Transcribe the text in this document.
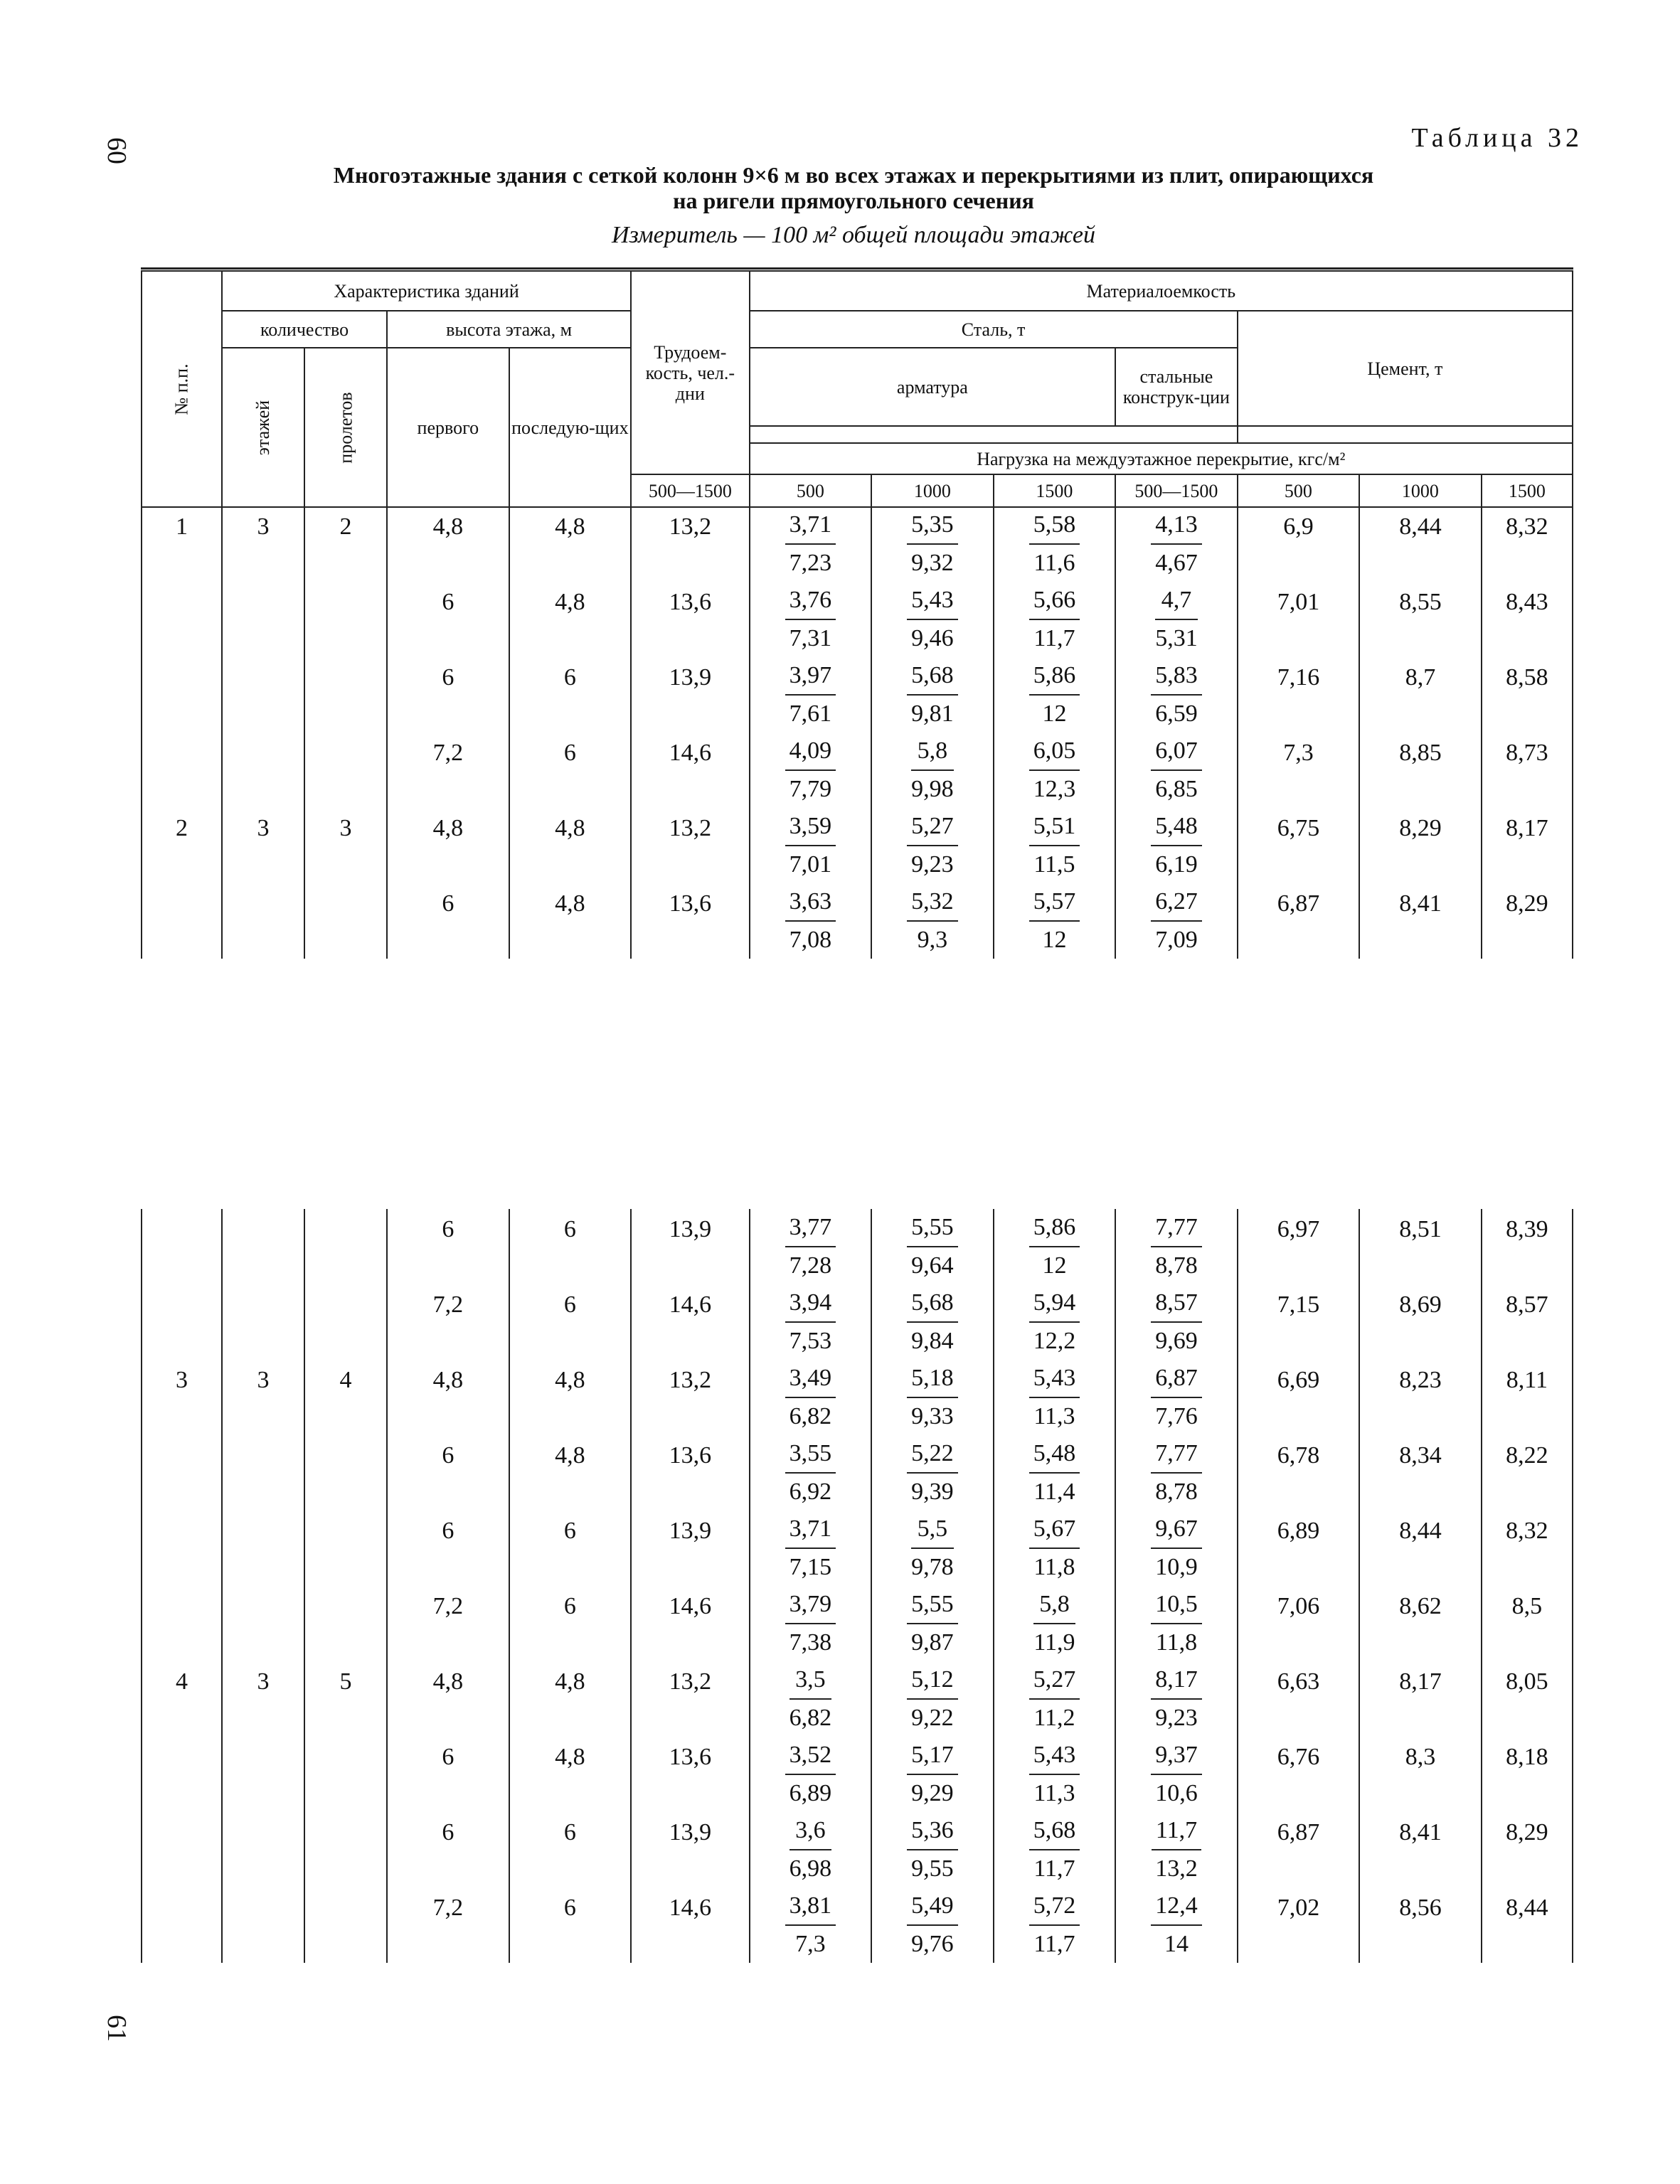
60
61
Таблица 32
Многоэтажные здания с сеткой колонн 9×6 м во всех этажах и перекрытиями из плит, опирающихся
на ригели прямоугольного сечения
Измеритель — 100 м² общей площади этажей
№ п.п.	Характеристика зданий				Трудоем-кость, чел.-дни	Материалоемкость						
	количество		высота этажа, м			Сталь, т				Цемент, т		
	этажей	пролетов	первого	последую-щих		арматура			стальные конструк-ции			

						Нагрузка на междуэтажное перекрытие, кгс/м²						
					500—1500	500	1000	1500	500—1500	500	1000	1500
1	3	2	4,8	4,8	13,2	$\frac{3,71}{7,23}$	$\frac{5,35}{9,32}$	$\frac{5,58}{11,6}$	$\frac{4,13}{4,67}$	6,9	8,44	8,32

			6	4,8	13,6	$\frac{3,76}{7,31}$	$\frac{5,43}{9,46}$	$\frac{5,66}{11,7}$	$\frac{4,7}{5,31}$	7,01	8,55	8,43

			6	6	13,9	$\frac{3,97}{7,61}$	$\frac{5,68}{9,81}$	$\frac{5,86}{12}$	$\frac{5,83}{6,59}$	7,16	8,7	8,58

			7,2	6	14,6	$\frac{4,09}{7,79}$	$\frac{5,8}{9,98}$	$\frac{6,05}{12,3}$	$\frac{6,07}{6,85}$	7,3	8,85	8,73

2	3	3	4,8	4,8	13,2	$\frac{3,59}{7,01}$	$\frac{5,27}{9,23}$	$\frac{5,51}{11,5}$	$\frac{5,48}{6,19}$	6,75	8,29	8,17

			6	4,8	13,6	$\frac{3,63}{7,08}$	$\frac{5,32}{9,3}$	$\frac{5,57}{12}$	$\frac{6,27}{7,09}$	6,87	8,41	8,29

			6	6	13,9	$\frac{3,77}{7,28}$	$\frac{5,55}{9,64}$	$\frac{5,86}{12}$	$\frac{7,77}{8,78}$	6,97	8,51	8,39

			7,2	6	14,6	$\frac{3,94}{7,53}$	$\frac{5,68}{9,84}$	$\frac{5,94}{12,2}$	$\frac{8,57}{9,69}$	7,15	8,69	8,57

3	3	4	4,8	4,8	13,2	$\frac{3,49}{6,82}$	$\frac{5,18}{9,33}$	$\frac{5,43}{11,3}$	$\frac{6,87}{7,76}$	6,69	8,23	8,11

			6	4,8	13,6	$\frac{3,55}{6,92}$	$\frac{5,22}{9,39}$	$\frac{5,48}{11,4}$	$\frac{7,77}{8,78}$	6,78	8,34	8,22

			6	6	13,9	$\frac{3,71}{7,15}$	$\frac{5,5}{9,78}$	$\frac{5,67}{11,8}$	$\frac{9,67}{10,9}$	6,89	8,44	8,32

			7,2	6	14,6	$\frac{3,79}{7,38}$	$\frac{5,55}{9,87}$	$\frac{5,8}{11,9}$	$\frac{10,5}{11,8}$	7,06	8,62	8,5

4	3	5	4,8	4,8	13,2	$\frac{3,5}{6,82}$	$\frac{5,12}{9,22}$	$\frac{5,27}{11,2}$	$\frac{8,17}{9,23}$	6,63	8,17	8,05

			6	4,8	13,6	$\frac{3,52}{6,89}$	$\frac{5,17}{9,29}$	$\frac{5,43}{11,3}$	$\frac{9,37}{10,6}$	6,76	8,3	8,18

			6	6	13,9	$\frac{3,6}{6,98}$	$\frac{5,36}{9,55}$	$\frac{5,68}{11,7}$	$\frac{11,7}{13,2}$	6,87	8,41	8,29

			7,2	6	14,6	$\frac{3,81}{7,3}$	$\frac{5,49}{9,76}$	$\frac{5,72}{11,7}$	$\frac{12,4}{14}$	7,02	8,56	8,44
